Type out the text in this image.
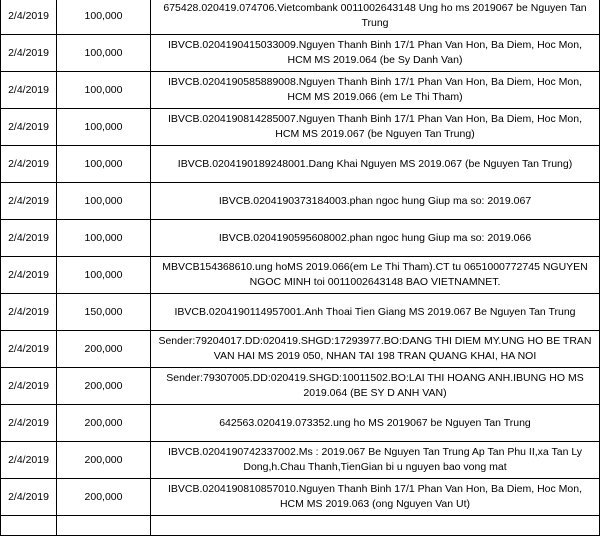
2/4/2019	100,000	675428.020419.074706.Vietcombank 0011002643148 Ung ho ms 2019067 be Nguyen Tan Trung
2/4/2019	100,000	IBVCB.0204190415033009.Nguyen Thanh Binh 17/1 Phan Van Hon, Ba Diem, Hoc Mon, HCM MS 2019.064 (be Sy Danh Van)
2/4/2019	100,000	IBVCB.0204190585889008.Nguyen Thanh Binh 17/1 Phan Van Hon, Ba Diem, Hoc Mon, HCM MS 2019.066 (em Le Thi Tham)
2/4/2019	100,000	IBVCB.0204190814285007.Nguyen Thanh Binh 17/1 Phan Van Hon, Ba Diem, Hoc Mon, HCM MS 2019.067 (be Nguyen Tan Trung)
2/4/2019	100,000	IBVCB.0204190189248001.Dang Khai Nguyen MS 2019.067 (be Nguyen Tan Trung)
2/4/2019	100,000	IBVCB.0204190373184003.phan ngoc hung Giup ma so: 2019.067
2/4/2019	100,000	IBVCB.0204190595608002.phan ngoc hung Giup ma so: 2019.066
2/4/2019	100,000	MBVCB154368610.ung hoMS 2019.066(em Le Thi Tham).CT tu 0651000772745 NGUYEN NGOC MINH toi 0011002643148 BAO VIETNAMNET.
2/4/2019	150,000	IBVCB.0204190114957001.Anh Thoai Tien Giang MS 2019.067 Be Nguyen Tan Trung
2/4/2019	200,000	Sender:79204017.DD:020419.SHGD:17293977.BO:DANG THI DIEM MY.UNG HO BE TRAN VAN HAI MS 2019 050, NHAN TAI 198 TRAN QUANG KHAI, HA NOI
2/4/2019	200,000	Sender:79307005.DD:020419.SHGD:10011502.BO:LAI THI HOANG ANH.IBUNG HO MS 2019.064 (BE SY D ANH VAN)
2/4/2019	200,000	642563.020419.073352.ung ho MS 2019067 be Nguyen Tan Trung
2/4/2019	200,000	IBVCB.0204190742337002.Ms : 2019.067 Be Nguyen Tan Trung Ap Tan Phu II,xa Tan Ly Dong,h.Chau Thanh,TienGian bi u nguyen bao vong mat
2/4/2019	200,000	IBVCB.0204190810857010.Nguyen Thanh Binh 17/1 Phan Van Hon, Ba Diem, Hoc Mon, HCM MS 2019.063 (ong Nguyen Van Ut)
